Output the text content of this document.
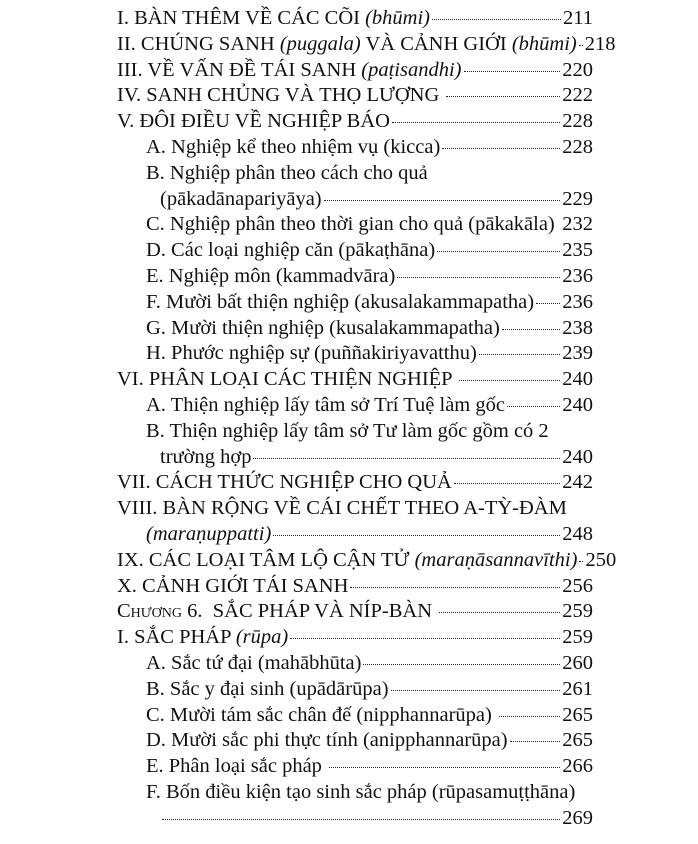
I. BÀN THÊM VỀ CÁC CÕI (bhūmi)	211
II. CHÚNG SANH (puggala) VÀ CẢNH GIỚI (bhūmi) 218
III. VỀ VẤN ĐỀ TÁI SANH (paṭisandhi)	220
IV. SANH CHỦNG VÀ THỌ LƯỢNG	222
V. ĐÔI ĐIỀU VỀ NGHIỆP BÁO	228
A. Nghiệp kể theo nhiệm vụ (kicca)	228
B. Nghiệp phân theo cách cho quả
(pākadānapariyāya)	229
C. Nghiệp phân theo thời gian cho quả (pākakāla) 232
D. Các loại nghiệp căn (pākaṭhāna)	235
E. Nghiệp môn (kammadvāra)	236
F. Mười bất thiện nghiệp (akusalakammapatha) 236
G. Mười thiện nghiệp (kusalakammapatha)	238
H. Phước nghiệp sự (puññakiriyavatthu)	239
VI. PHÂN LOẠI CÁC THIỆN NGHIỆP	240
A. Thiện nghiệp lấy tâm sở Trí Tuệ làm gốc	240
B. Thiện nghiệp lấy tâm sở Tư làm gốc gồm có 2
trường hợp	240
VII. CÁCH THỨC NGHIỆP CHO QUẢ	242
VIII. BÀN RỘNG VỀ CÁI CHẾT THEO A-TỲ-ĐÀM
(maraṇuppatti)	248
IX. CÁC LOẠI TÂM LỘ CẬN TỬ (maraṇāsannavīthi) 250
X. CẢNH GIỚI TÁI SANH	256
Chương 6.  SẮC PHÁP VÀ NÍP-BÀN	259
I. SẮC PHÁP (rūpa)	259
A. Sắc tứ đại (mahābhūta)	260
B. Sắc y đại sinh (upādārūpa)	261
C. Mười tám sắc chân đế (nipphannarūpa)	265
D. Mười sắc phi thực tính (anipphannarūpa)	265
E. Phân loại sắc pháp	266
F. Bốn điều kiện tạo sinh sắc pháp (rūpasamuṭṭhāna)
269
